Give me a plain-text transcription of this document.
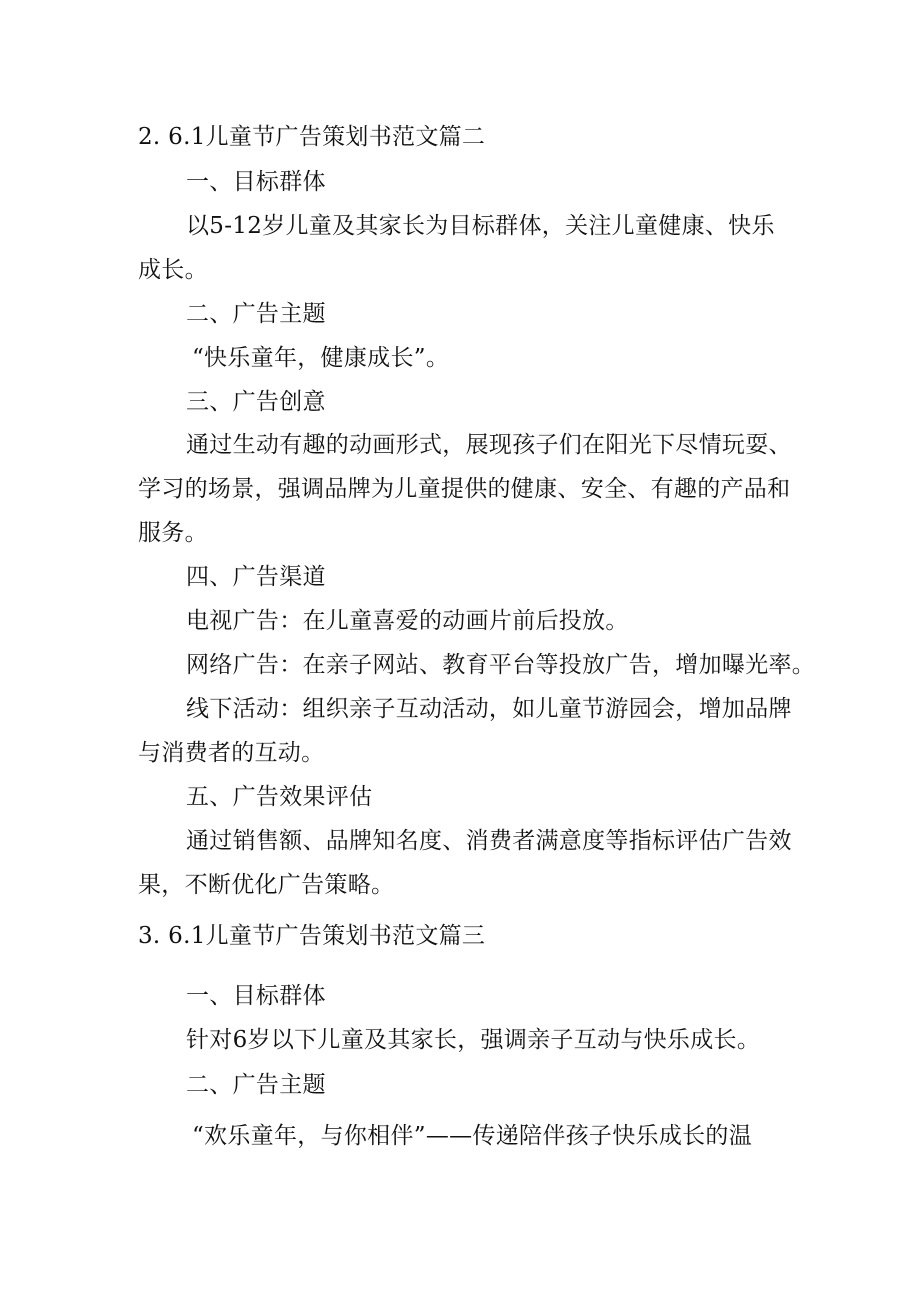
2. 6.1儿童节广告策划书范文篇二
一、目标群体
以5-12岁儿童及其家长为目标群体，关注儿童健康、快乐
成长。
二、广告主题
“快乐童年，健康成长”。
三、广告创意
通过生动有趣的动画形式，展现孩子们在阳光下尽情玩耍、
学习的场景，强调品牌为儿童提供的健康、安全、有趣的产品和
服务。
四、广告渠道
电视广告：在儿童喜爱的动画片前后投放。
网络广告：在亲子网站、教育平台等投放广告，增加曝光率。
线下活动：组织亲子互动活动，如儿童节游园会，增加品牌
与消费者的互动。
五、广告效果评估
通过销售额、品牌知名度、消费者满意度等指标评估广告效
果，不断优化广告策略。
3. 6.1儿童节广告策划书范文篇三
一、目标群体
针对6岁以下儿童及其家长，强调亲子互动与快乐成长。
二、广告主题
“欢乐童年，与你相伴”——传递陪伴孩子快乐成长的温
